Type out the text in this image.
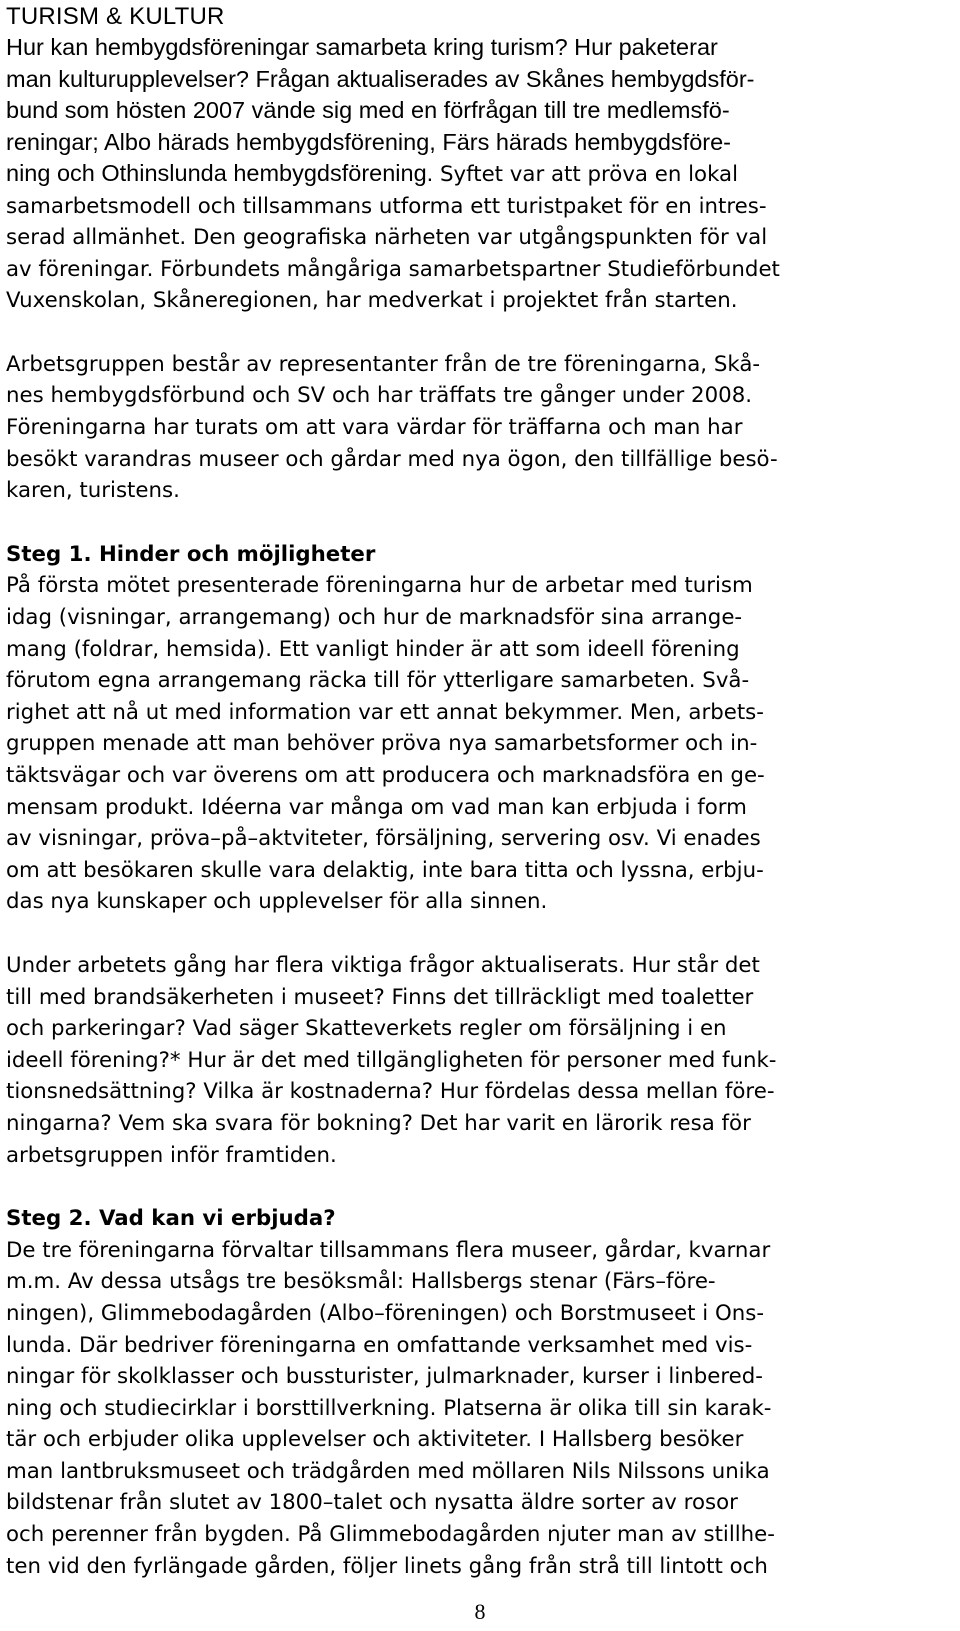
TURISM & KULTUR
Hur kan hembygdsföreningar samarbeta kring turism? Hur paketerar
man kulturupplevelser? Frågan aktualiserades av Skånes hembygdsför-
bund som hösten 2007 vände sig med en förfrågan till tre medlemsfö-
reningar; Albo härads hembygdsförening, Färs härads hembygdsföre-
ning och Othinslunda hembygdsförening. Syftet var att pröva en lokal
samarbetsmodell och tillsammans utforma ett turistpaket för en intres-
serad allmänhet. Den geografiska närheten var utgångspunkten för val
av föreningar. Förbundets mångåriga samarbetspartner Studieförbundet
Vuxenskolan, Skåneregionen, har medverkat i projektet från starten.
Arbetsgruppen består av representanter från de tre föreningarna, Skå-
nes hembygdsförbund och SV och har träffats tre gånger under 2008.
Föreningarna har turats om att vara värdar för träffarna och man har
besökt varandras museer och gårdar med nya ögon, den tillfällige besö-
karen, turistens.
Steg 1. Hinder och möjligheter
På första mötet presenterade föreningarna hur de arbetar med turism
idag (visningar, arrangemang) och hur de marknadsför sina arrange-
mang (foldrar, hemsida). Ett vanligt hinder är att som ideell förening
förutom egna arrangemang räcka till för ytterligare samarbeten. Svå-
righet att nå ut med information var ett annat bekymmer. Men, arbets-
gruppen menade att man behöver pröva nya samarbetsformer och in-
täktsvägar och var överens om att producera och marknadsföra en ge-
mensam produkt. Idéerna var många om vad man kan erbjuda i form
av visningar, pröva–på–aktviteter, försäljning, servering osv. Vi enades
om att besökaren skulle vara delaktig, inte bara titta och lyssna, erbju-
das nya kunskaper och upplevelser för alla sinnen.
Under arbetets gång har flera viktiga frågor aktualiserats. Hur står det
till med brandsäkerheten i museet? Finns det tillräckligt med toaletter
och parkeringar? Vad säger Skatteverkets regler om försäljning i en
ideell förening?* Hur är det med tillgängligheten för personer med funk-
tionsnedsättning? Vilka är kostnaderna? Hur fördelas dessa mellan före-
ningarna? Vem ska svara för bokning? Det har varit en lärorik resa för
arbetsgruppen inför framtiden.
Steg 2. Vad kan vi erbjuda?
De tre föreningarna förvaltar tillsammans flera museer, gårdar, kvarnar
m.m. Av dessa utsågs tre besöksmål: Hallsbergs stenar (Färs–före-
ningen), Glimmebodagården (Albo–föreningen) och Borstmuseet i Ons-
lunda. Där bedriver föreningarna en omfattande verksamhet med vis-
ningar för skolklasser och bussturister, julmarknader, kurser i linbered-
ning och studiecirklar i borsttillverkning. Platserna är olika till sin karak-
tär och erbjuder olika upplevelser och aktiviteter. I Hallsberg besöker
man lantbruksmuseet och trädgården med möllaren Nils Nilssons unika
bildstenar från slutet av 1800–talet och nysatta äldre sorter av rosor
och perenner från bygden. På Glimmebodagården njuter man av stillhe-
ten vid den fyrlängade gården, följer linets gång från strå till lintott och
8
